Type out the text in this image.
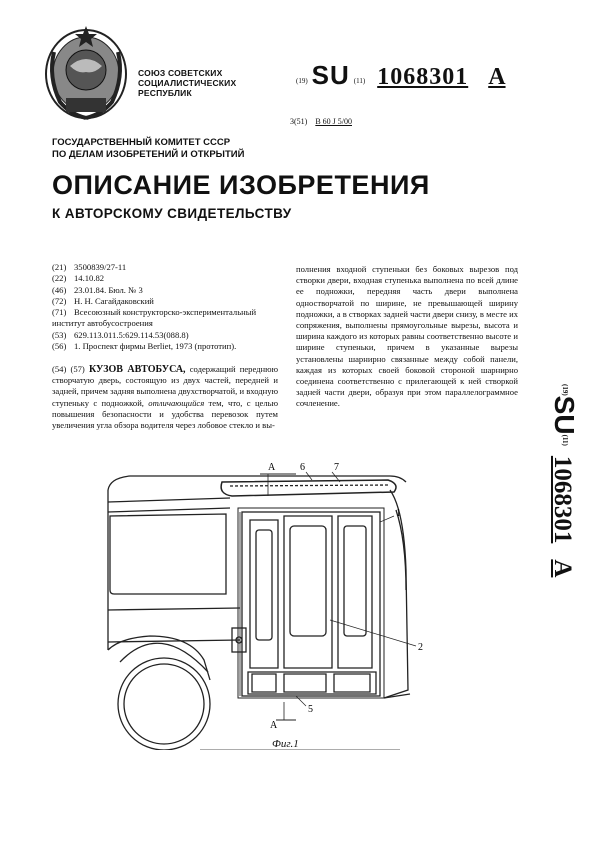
СОЮЗ СОВЕТСКИХ
СОЦИАЛИСТИЧЕСКИХ
РЕСПУБЛИК
$^{(19)}$ SU $^{(11)}$ 1068301 A
3(51) B 60 J 5/00
ГОСУДАРСТВЕННЫЙ КОМИТЕТ СССР
ПО ДЕЛАМ ИЗОБРЕТЕНИЙ И ОТКРЫТИЙ
ОПИСАНИЕ ИЗОБРЕТЕНИЯ
К АВТОРСКОМУ СВИДЕТЕЛЬСТВУ
(21) 3500839/27-11
(22) 14.10.82
(46) 23.01.84. Бюл. № 3
(72) Н. Н. Сагайдаковский
(71) Всесоюзный конструкторско-экспериментальный институт автобусостроения
(53) 629.113.011.5:629.114.53(088.8)
(56) 1. Проспект фирмы Berliet, 1973 (прототип).
(54) (57) КУЗОВ АВТОБУСА, содержащий переднюю створчатую дверь, состоящую из двух частей, передней и задней, причем задняя выполнена двухстворчатой, и входную ступеньку с подножкой, отличающийся тем, что, с целью повышения безопасности и удобства перевозок путем увеличения угла обзора водителя через лобовое стекло и вы-
полнения входной ступеньки без боковых вырезов под створки двери, входная ступенька выполнена по всей длине ее подножки, передняя часть двери выполнена одностворчатой по ширине, не превышающей ширину подножки, а в створках задней части двери снизу, в месте их сопряжения, выполнены прямоугольные вырезы, высота и ширина каждого из которых равны соответственно высоте и ширине ступеньки, причем в указанные вырезы установлены шарнирно связанные между собой панели, каждая из которых своей боковой стороной шарнирно соединена соответственно с прилегающей к ней створкой задней части двери, образуя при этом параллелограммное сочленение.
$^{(19)}$SU$^{(11)}$1068301A
6	7
1
2
5
A
A
Фиг.1
